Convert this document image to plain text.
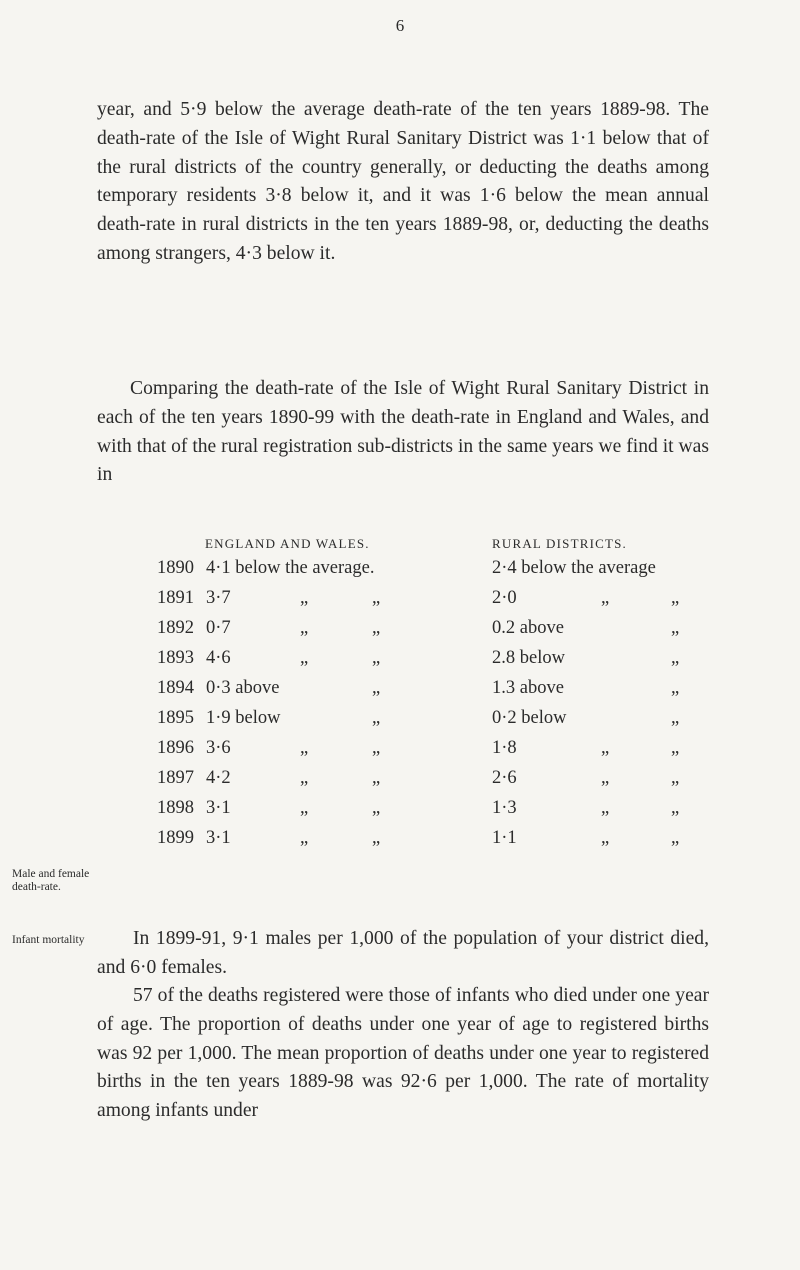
6

year, and 5·9 below the average death-rate of the ten years 1889-98. The death-rate of the Isle of Wight Rural Sanitary District was 1·1 below that of the rural districts of the country generally, or deducting the deaths among temporary residents 3·8 below it, and it was 1·6 below the mean annual death-rate in rural districts in the ten years 1889-98, or, deducting the deaths among strangers, 4·3 below it.

Comparing the death-rate of the Isle of Wight Rural Sanitary District in each of the ten years 1890-99 with the death-rate in England and Wales, and with that of the rural registration sub-districts in the same years we find it was in

ENGLAND AND WALES.	RURAL DISTRICTS.
1890 4·1 below the average.	2·4 below the average
1891 3·7	„	„	2·0	„	„
1892 0·7	„	„	0.2 above	„
1893 4·6	„	„	2.8 below	„
1894 0·3 above	„	1.3 above	„
1895 1·9 below	„	0·2 below	„
1896 3·6	„	„	1·8	„	„
1897 4·2	„	„	2·6	„	„
1898 3·1	„	„	1·3	„	„
1899 3·1	„	„	1·1	„	„
Male and female death-rate.

In 1899-91, 9·1 males per 1,000 of the population of your district died, and 6·0 females.

Infant mortality

57 of the deaths registered were those of infants who died under one year of age. The proportion of deaths under one year of age to registered births was 92 per 1,000. The mean proportion of deaths under one year to registered births in the ten years 1889-98 was 92·6 per 1,000. The rate of mortality among infants under
